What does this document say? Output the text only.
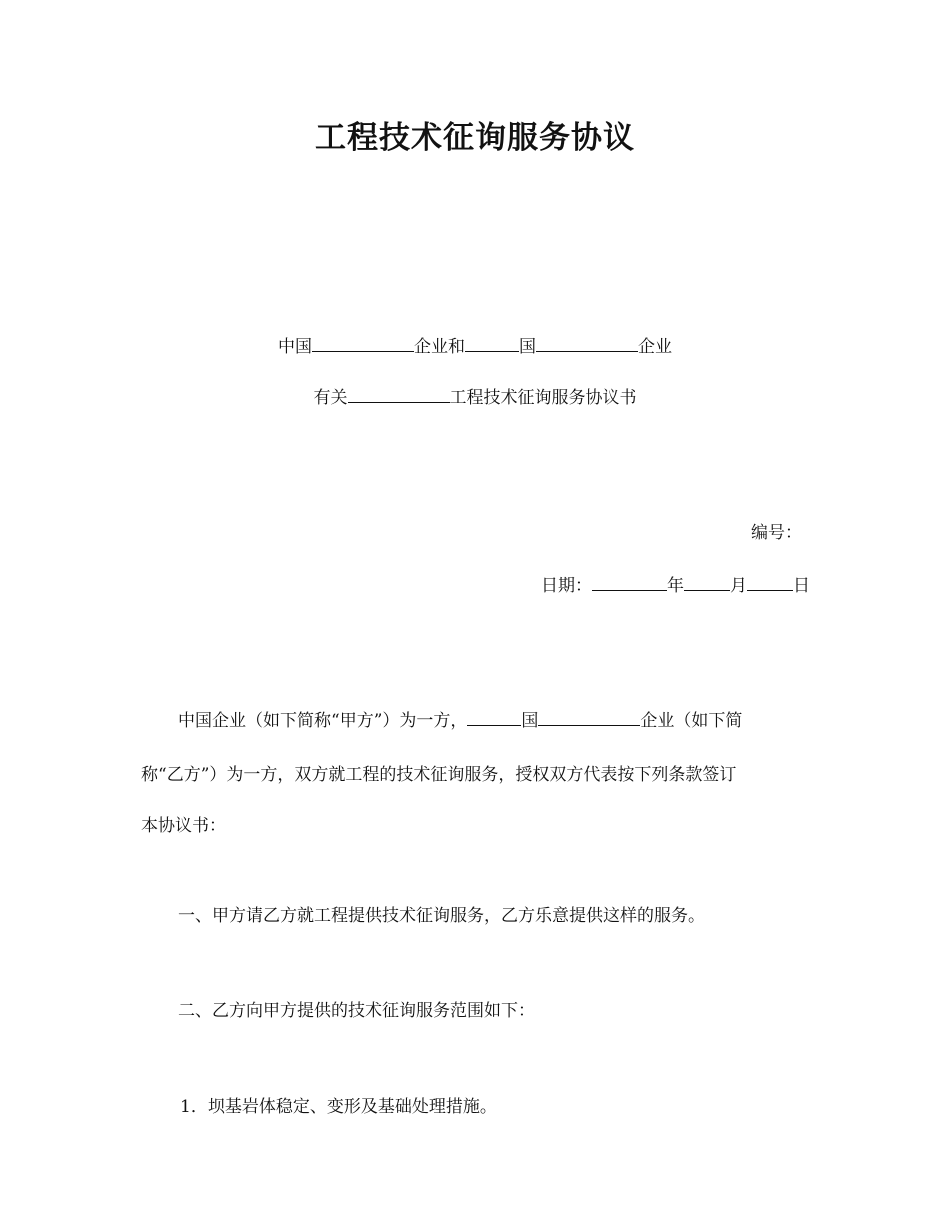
工程技术征询服务协议
中国	企业和	国	企业
有关	工程技术征询服务协议书
编号：
日期：	年	月	日
中国企业（如下简称“甲方”）为一方，	国	企业（如下简
称“乙方”）为一方，双方就工程的技术征询服务，授权双方代表按下列条款签订
本协议书：
一、甲方请乙方就工程提供技术征询服务，乙方乐意提供这样的服务。
二、乙方向甲方提供的技术征询服务范围如下：
1．坝基岩体稳定、变形及基础处理措施。
